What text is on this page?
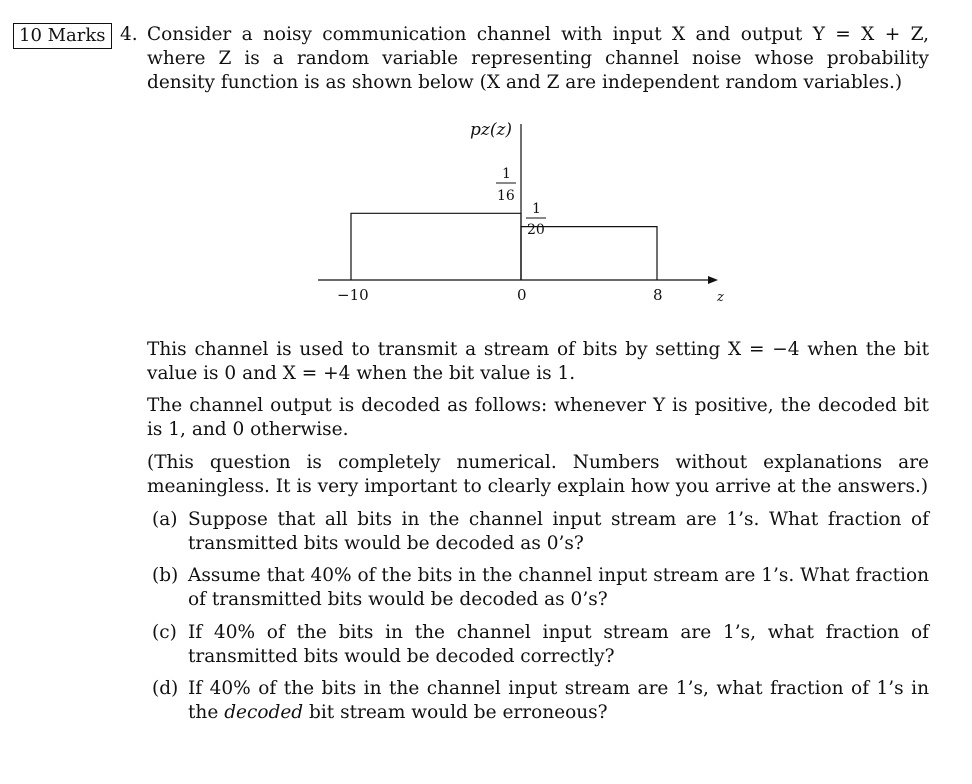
10 Marks 4. Consider a noisy communication channel with input X and output Y = X + Z, where Z is a random variable representing channel noise whose probability density function is as shown below (X and Z are independent random variables.)
pz(z)
z
−10	0	8
1
16
1
20
This channel is used to transmit a stream of bits by setting X = −4 when the bit value is 0 and X = +4 when the bit value is 1.
The channel output is decoded as follows: whenever Y is positive, the decoded bit is 1, and 0 otherwise.
(This question is completely numerical. Numbers without explanations are meaningless. It is very important to clearly explain how you arrive at the answers.)
(a) Suppose that all bits in the channel input stream are 1’s. What fraction of transmitted bits would be decoded as 0’s?
(b) Assume that 40% of the bits in the channel input stream are 1’s. What fraction of transmitted bits would be decoded as 0’s?
(c) If 40% of the bits in the channel input stream are 1’s, what fraction of transmitted bits would be decoded correctly?
(d) If 40% of the bits in the channel input stream are 1’s, what fraction of 1’s in the decoded bit stream would be erroneous?
